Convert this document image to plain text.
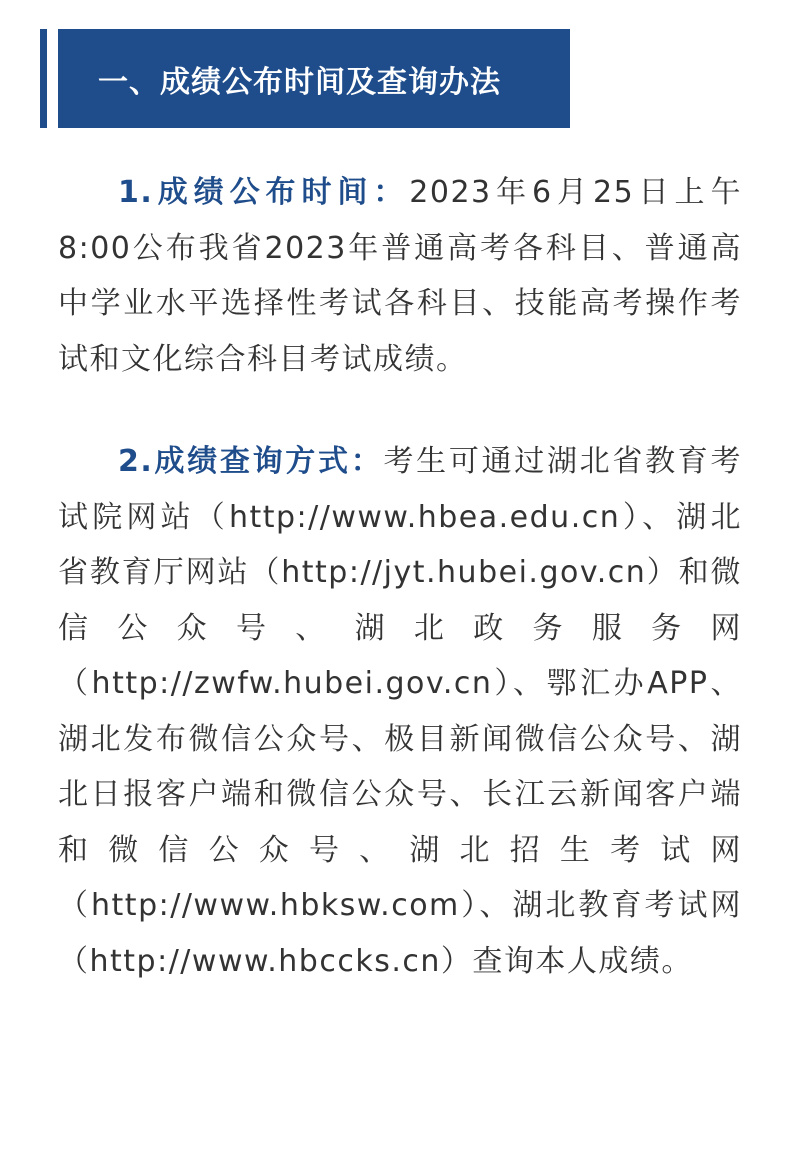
一、成绩公布时间及查询办法

1.成绩公布时间：2023年6月25日上午8:00公布我省2023年普通高考各科目、普通高中学业水平选择性考试各科目、技能高考操作考试和文化综合科目考试成绩。

2.成绩查询方式：考生可通过湖北省教育考试院网站（http://www.hbea.edu.cn）、湖北省教育厅网站（http://jyt.hubei.gov.cn）和微信公众号、湖北政务服务网（http://zwfw.hubei.gov.cn）、鄂汇办APP、湖北发布微信公众号、极目新闻微信公众号、湖北日报客户端和微信公众号、长江云新闻客户端和微信公众号、湖北招生考试网（http://www.hbksw.com）、湖北教育考试网（http://www.hbccks.cn）查询本人成绩。
